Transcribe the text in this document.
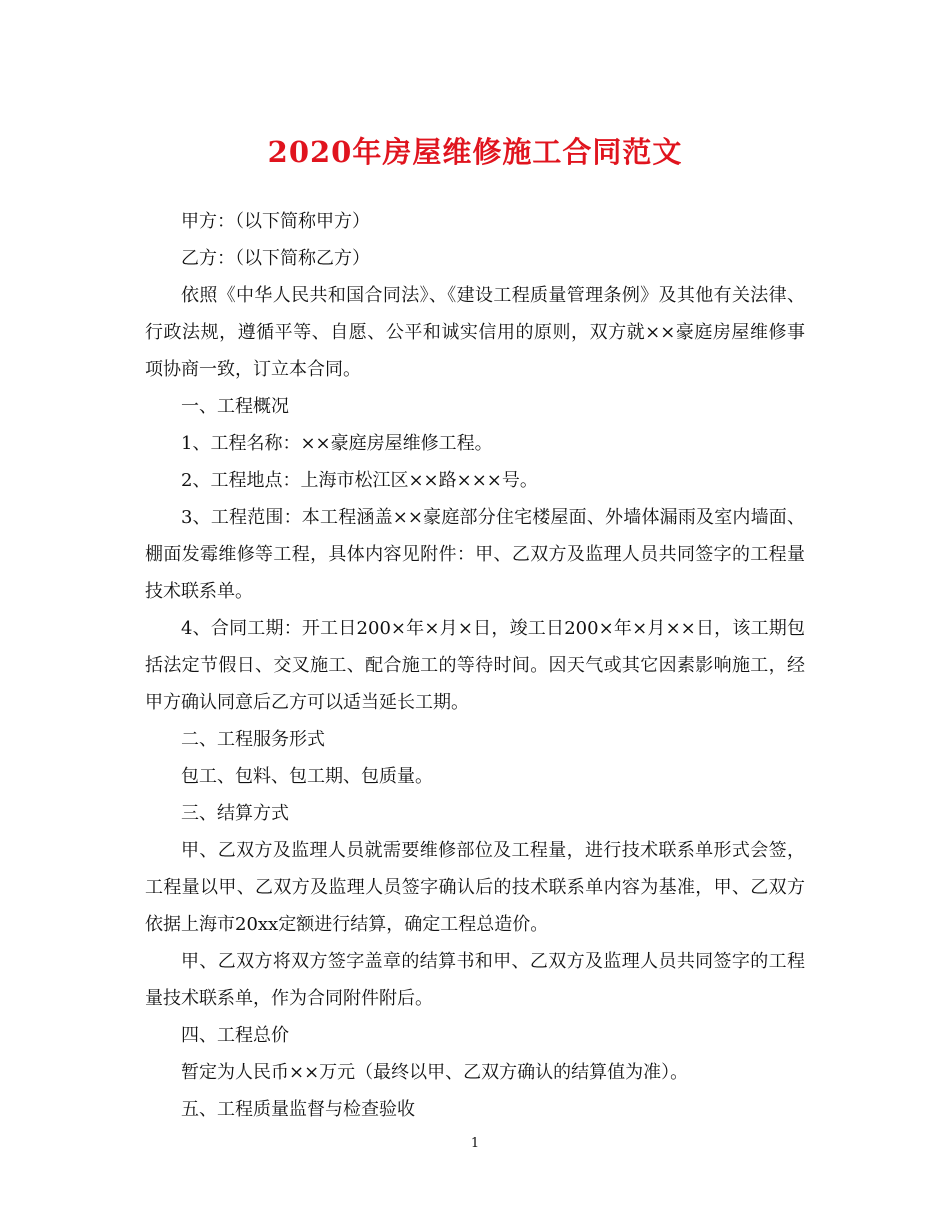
2020年房屋维修施工合同范文

甲方：（以下简称甲方）

乙方：（以下简称乙方）

依照《中华人民共和国合同法》、《建设工程质量管理条例》及其他有关法律、行政法规，遵循平等、自愿、公平和诚实信用的原则，双方就××豪庭房屋维修事项协商一致，订立本合同。

一、工程概况

1、工程名称：××豪庭房屋维修工程。

2、工程地点：上海市松江区××路×××号。

3、工程范围：本工程涵盖××豪庭部分住宅楼屋面、外墙体漏雨及室内墙面、棚面发霉维修等工程，具体内容见附件：甲、乙双方及监理人员共同签字的工程量技术联系单。

4、合同工期：开工日200×年×月×日，竣工日200×年×月××日，该工期包括法定节假日、交叉施工、配合施工的等待时间。因天气或其它因素影响施工，经甲方确认同意后乙方可以适当延长工期。

二、工程服务形式

包工、包料、包工期、包质量。

三、结算方式

甲、乙双方及监理人员就需要维修部位及工程量，进行技术联系单形式会签，工程量以甲、乙双方及监理人员签字确认后的技术联系单内容为基准，甲、乙双方依据上海市20xx定额进行结算，确定工程总造价。

甲、乙双方将双方签字盖章的结算书和甲、乙双方及监理人员共同签字的工程量技术联系单，作为合同附件附后。

四、工程总价

暂定为人民币××万元（最终以甲、乙双方确认的结算值为准）。

五、工程质量监督与检查验收

1
